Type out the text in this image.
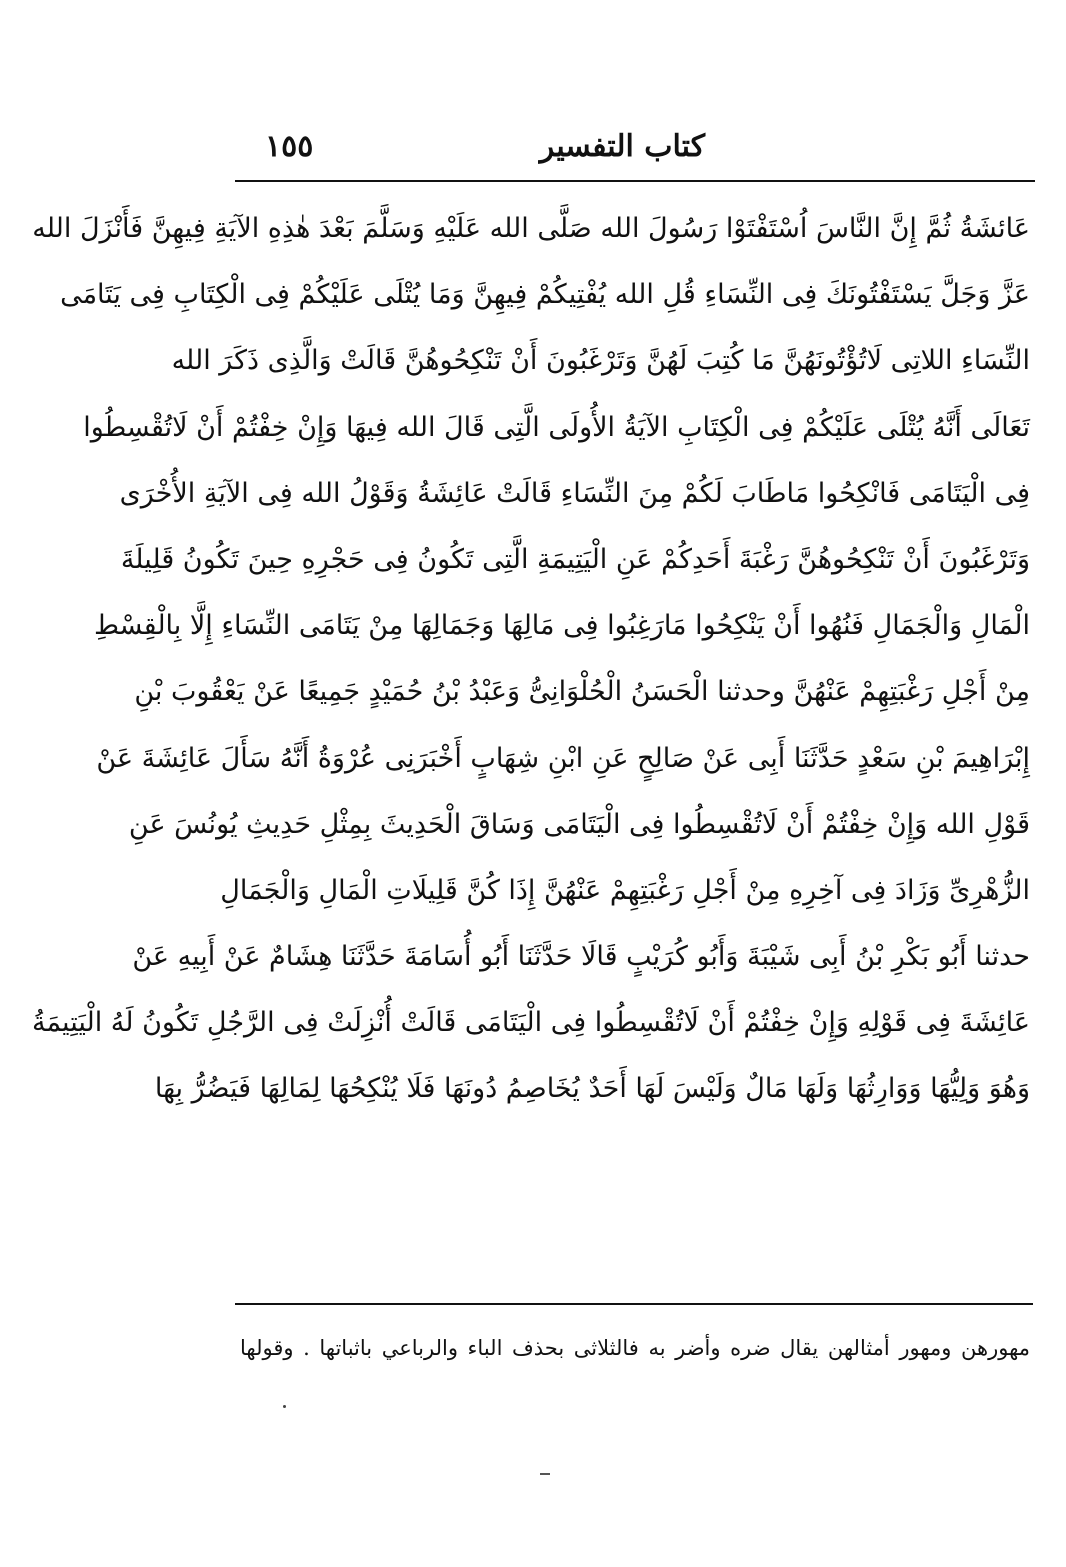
كتاب التفسير
١٥٥
عَائشَةُ ثُمَّ إِنَّ النَّاسَ اُسْتَفْتَوْا رَسُولَ الله صَلَّى الله عَلَيْهِ وَسَلَّمَ بَعْدَ هٰذِهِ الآيَةِ فِيهِنَّ فَأَنْزَلَ الله
عَزَّ وَجَلَّ يَسْتَفْتُونَكَ فِى النِّسَاءِ قُلِ الله يُفْتِيكُمْ فِيهِنَّ وَمَا يُتْلَى عَلَيْكُمْ فِى الْكِتَابِ فِى يَتَامَى
النِّسَاءِ اللاتِى لَاتُؤْتُونَهُنَّ مَا كُتِبَ لَهُنَّ وَتَرْغَبُونَ أَنْ تَنْكِحُوهُنَّ قَالَتْ وَالَّذِى ذَكَرَ الله
تَعَالَى أَنَّهُ يُتْلَى عَلَيْكُمْ فِى الْكِتَابِ الآيَةُ الأُولَى الَّتِى قَالَ الله فِيهَا وَإِنْ خِفْتُمْ أَنْ لَاتُقْسِطُوا
فِى الْيَتَامَى فَانْكِحُوا مَاطَابَ لَكُمْ مِنَ النِّسَاءِ قَالَتْ عَائِشَةُ وَقَوْلُ الله فِى الآيَةِ الأُخْرَى
وَتَرْغَبُونَ أَنْ تَنْكِحُوهُنَّ رَغْبَةَ أَحَدِكُمْ عَنِ الْيَتِيمَةِ الَّتِى تَكُونُ فِى حَجْرِهِ حِينَ تَكُونُ قَلِيلَةَ
الْمَالِ وَالْجَمَالِ فَنُهُوا أَنْ يَنْكِحُوا مَارَغِبُوا فِى مَالِهَا وَجَمَالِهَا مِنْ يَتَامَى النِّسَاءِ إِلَّا بِالْقِسْطِ
مِنْ أَجْلِ رَغْبَتِهِمْ عَنْهُنَّ وحدثنا الْحَسَنُ الْحُلْوَانِىُّ وَعَبْدُ بْنُ حُمَيْدٍ جَمِيعًا عَنْ يَعْقُوبَ بْنِ
إِبْرَاهِيمَ بْنِ سَعْدٍ حَدَّثَنَا أَبِى عَنْ صَالِحٍ عَنِ ابْنِ شِهَابٍ أَخْبَرَنِى عُرْوَةُ أَنَّهُ سَأَلَ عَائِشَةَ عَنْ
قَوْلِ الله وَإِنْ خِفْتُمْ أَنْ لَاتُقْسِطُوا فِى الْيَتَامَى وَسَاقَ الْحَدِيثَ بِمِثْلِ حَدِيثِ يُونُسَ عَنِ
الزُّهْرِىِّ وَزَادَ فِى آخِرِهِ مِنْ أَجْلِ رَغْبَتِهِمْ عَنْهُنَّ إِذَا كُنَّ قَلِيلَاتِ الْمَالِ وَالْجَمَالِ
حدثنا أَبُو بَكْرِ بْنُ أَبِى شَيْبَةَ وَأَبُو كُرَيْبٍ قَالَا حَدَّثَنَا أَبُو أُسَامَةَ حَدَّثَنَا هِشَامٌ عَنْ أَبِيهِ عَنْ
عَائِشَةَ فِى قَوْلِهِ وَإِنْ خِفْتُمْ أَنْ لَاتُقْسِطُوا فِى الْيَتَامَى قَالَتْ أُنْزِلَتْ فِى الرَّجُلِ تَكُونُ لَهُ الْيَتِيمَةُ
وَهُوَ وَلِيُّهَا وَوَارِثُهَا وَلَهَا مَالٌ وَلَيْسَ لَهَا أَحَدٌ يُخَاصِمُ دُونَهَا فَلَا يُنْكِحُهَا لِمَالِهَا فَيَضُرُّ بِهَا
مهورهن ومهور أمثالهن يقال ضره وأضر به فالثلاثى بحذف الباء والرباعي باثباتها . وقولها
